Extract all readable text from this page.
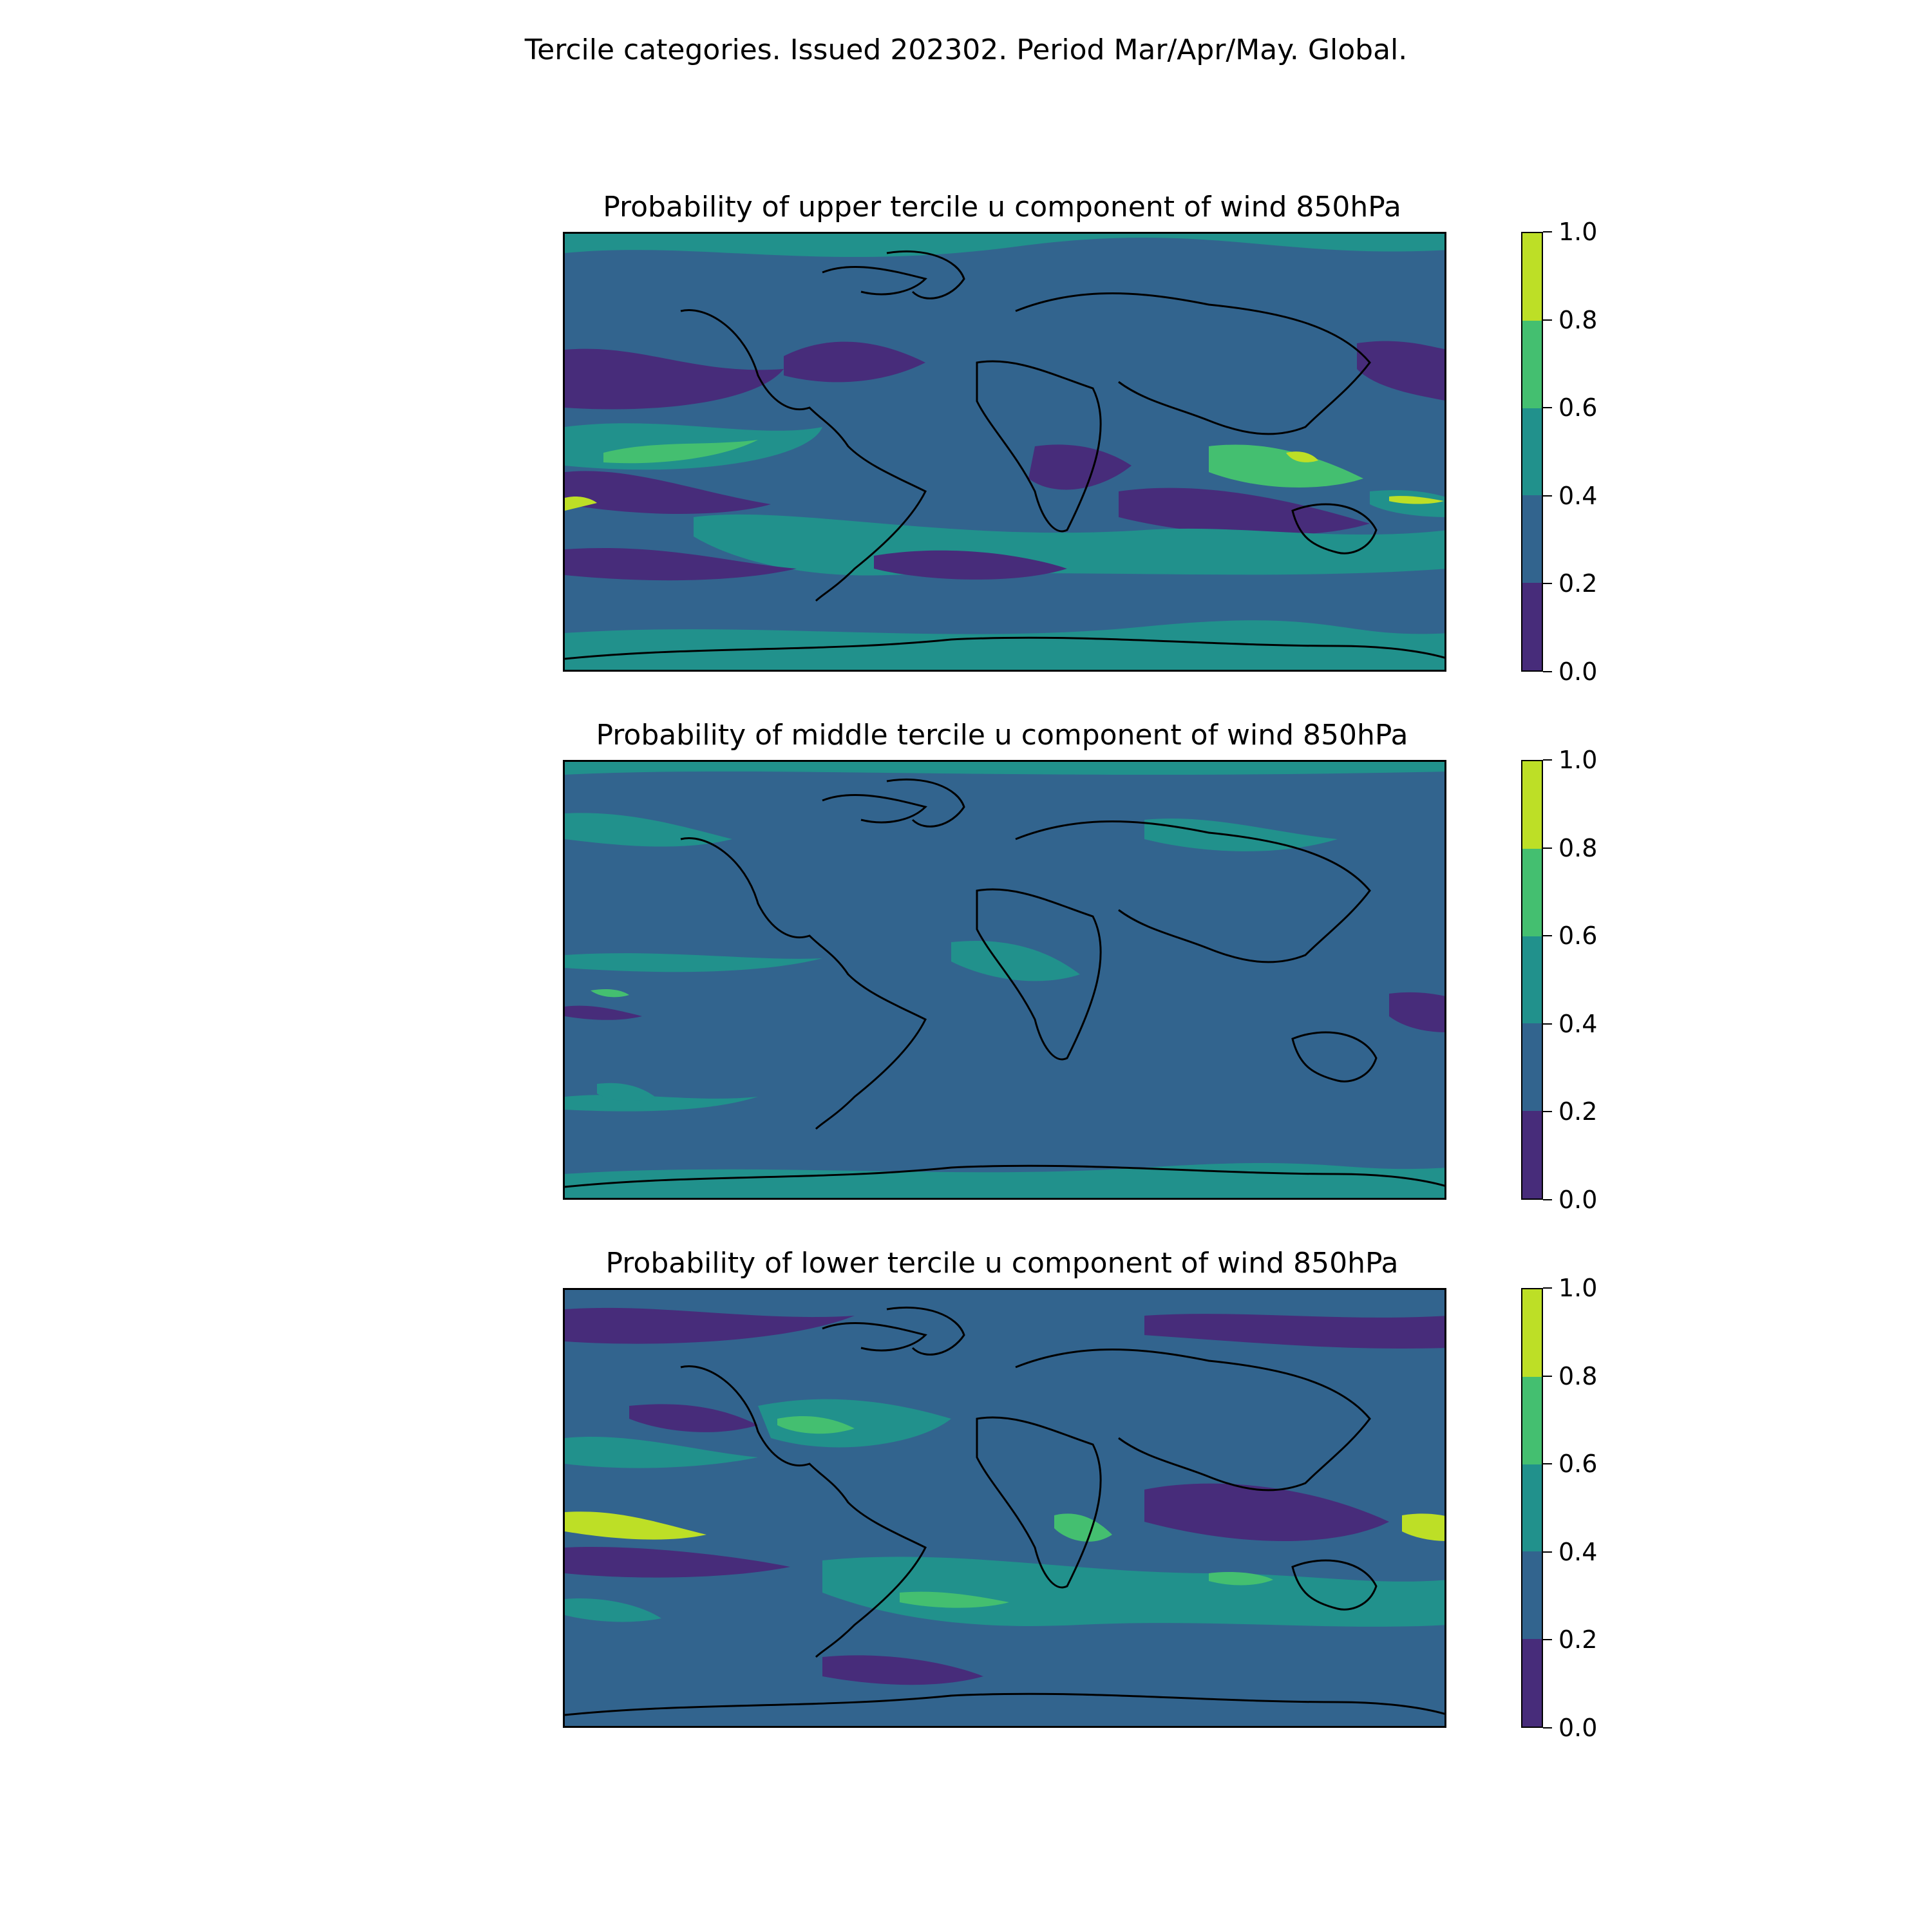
Tercile categories. Issued 202302. Period Mar/Apr/May. Global.
Probability of upper tercile u component of wind 850hPa
Probability of middle tercile u component of wind 850hPa
Probability of lower tercile u component of wind 850hPa
0.0
0.2
0.4
0.6
0.8
1.0
0.0
0.2
0.4
0.6
0.8
1.0
0.0
0.2
0.4
0.6
0.8
1.0
